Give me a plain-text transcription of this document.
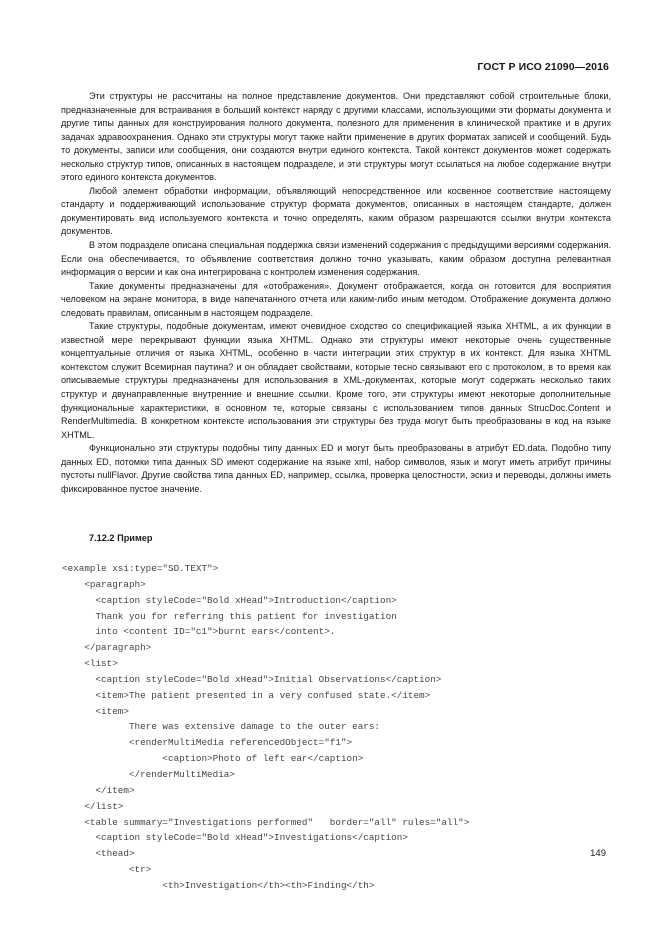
ГОСТ Р ИСО 21090—2016

Эти структуры не рассчитаны на полное представление документов. Они представляют собой строительные блоки, предназначенные для встраивания в больший контекст наряду с другими классами, использующими эти форматы документа и другие типы данных для конструирования полного документа, полезного для применения в клинической практике и в других задачах здравоохранения. Однако эти структуры могут также найти применение в других форматах записей и сообщений. Будь то документы, записи или сообщения, они создаются внутри единого контекста. Такой контекст документов может содержать несколько структур типов, описанных в настоящем подразделе, и эти структуры могут ссылаться на любое содержание внутри этого единого контекста документов.

Любой элемент обработки информации, объявляющий непосредственное или косвенное соответствие настоящему стандарту и поддерживающий использование структур формата документов, описанных в настоящем стандарте, должен документировать вид используемого контекста и точно определять, каким образом разрешаются ссылки внутри контекста документов.

В этом подразделе описана специальная поддержка связи изменений содержания с предыдущими версиями содержания. Если она обеспечивается, то объявление соответствия должно точно указывать, каким образом доступна релевантная информация о версии и как она интегрирована с контролем изменения содержания.

Такие документы предназначены для «отображения». Документ отображается, когда он готовится для восприятия человеком на экране монитора, в виде напечатанного отчета или каким-либо иным методом. Отображение документа должно следовать правилам, описанным в настоящем подразделе.

Такие структуры, подобные документам, имеют очевидное сходство со спецификацией языка XHTML, а их функции в известной мере перекрывают функции языка XHTML. Однако эти структуры имеют некоторые очень существенные концептуальные отличия от языка XHTML, особенно в части интеграции этих структур в их контекст. Для языка XHTML контекстом служит Всемирная паутина? и он обладает свойствами, которые тесно связывают его с протоколом, в то время как описываемые структуры предназначены для использования в XML-документах, которые могут содержать несколько таких структур и двунаправленные внутренние и внешние ссылки. Кроме того, эти структуры имеют некоторые дополнительные функциональные характеристики, в основном те, которые связаны с использованием типов данных StrucDoc.Content и RenderMultimedia. В конкретном контексте использования эти структуры без труда могут быть преобразованы в код на языке XHTML.

Функционально эти структуры подобны типу данных ED и могут быть преобразованы в атрибут ED.data. Подобно типу данных ED, потомки типа данных SD имеют содержание на языке xml, набор символов, язык и могут иметь атрибут причины пустоты nullFlavor. Другие свойства типа данных ED, например, ссылка, проверка целостности, эскиз и переводы, должны иметь фиксированное пустое значение.

7.12.2 Пример
<example xsi:type="SD.TEXT">
<paragraph>
<caption styleCode="Bold xHead">Introduction</caption>
Thank you for referring this patient for investigation
into <content ID="c1">burnt ears</content>.
</paragraph>
<list>
<caption styleCode="Bold xHead">Initial Observations</caption>
<item>The patient presented in a very confused state.</item>
<item>
There was extensive damage to the outer ears:
<renderMultiMedia referencedObject="f1">
<caption>Photo of left ear</caption>
</renderMultiMedia>
</item>
</list>
<table summary="Investigations performed"   border="all" rules="all">
<caption styleCode="Bold xHead">Investigations</caption>
<thead>
<tr>
<th>Investigation</th><th>Finding</th>
149
